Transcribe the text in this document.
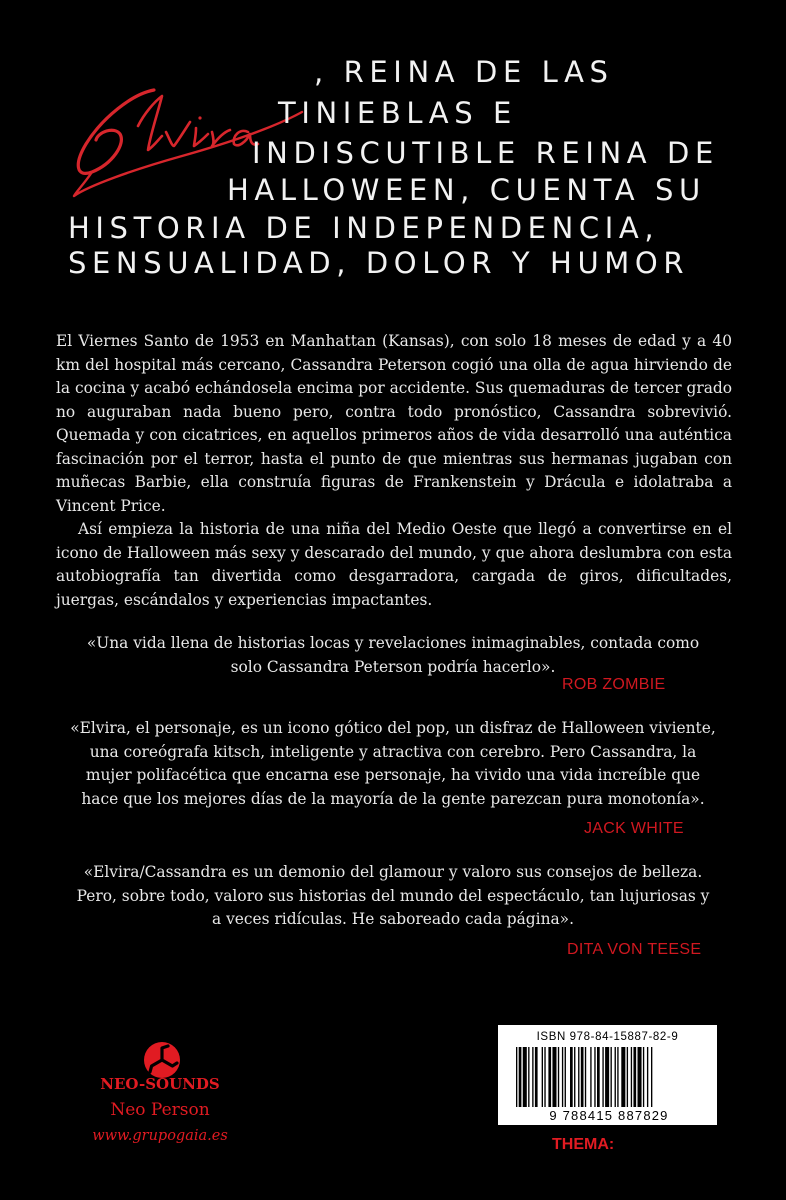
, REINA DE LAS
TINIEBLAS E
INDISCUTIBLE REINA DE
HALLOWEEN, CUENTA SU
HISTORIA DE INDEPENDENCIA,
SENSUALIDAD, DOLOR Y HUMOR

El Viernes Santo de 1953 en Manhattan (Kansas), con solo 18 meses de edad y a 40 km del hospital más cercano, Cassandra Peterson cogió una olla de agua hirviendo de la cocina y acabó echándosela encima por accidente. Sus quemaduras de tercer grado no auguraban nada bueno pero, contra todo pronóstico, Cassandra sobrevivió. Quemada y con cicatrices, en aquellos primeros años de vida desarrolló una auténtica fascinación por el terror, hasta el punto de que mientras sus hermanas jugaban con muñecas Barbie, ella construía figuras de Frankenstein y Drácula e idolatraba a Vincent Price.

Así empieza la historia de una niña del Medio Oeste que llegó a convertirse en el icono de Halloween más sexy y descarado del mundo, y que ahora deslumbra con esta autobiografía tan divertida como desgarradora, cargada de giros, dificultades, juergas, escándalos y experiencias impactantes.

«Una vida llena de historias locas y revelaciones inimaginables, contada como solo Cassandra Peterson podría hacerlo».

ROB ZOMBIE

«Elvira, el personaje, es un icono gótico del pop, un disfraz de Halloween viviente, una coreógrafa kitsch, inteligente y atractiva con cerebro. Pero Cassandra, la mujer polifacética que encarna ese personaje, ha vivido una vida increíble que hace que los mejores días de la mayoría de la gente parezcan pura monotonía».

JACK WHITE

«Elvira/Cassandra es un demonio del glamour y valoro sus consejos de belleza. Pero, sobre todo, valoro sus historias del mundo del espectáculo, tan lujuriosas y a veces ridículas. He saboreado cada página».

DITA VON TEESE
NEO-SOUNDS
Neo Person
www.grupogaia.es
9 788415 887829
ISBN 978-84-15887-82-9
THEMA:
